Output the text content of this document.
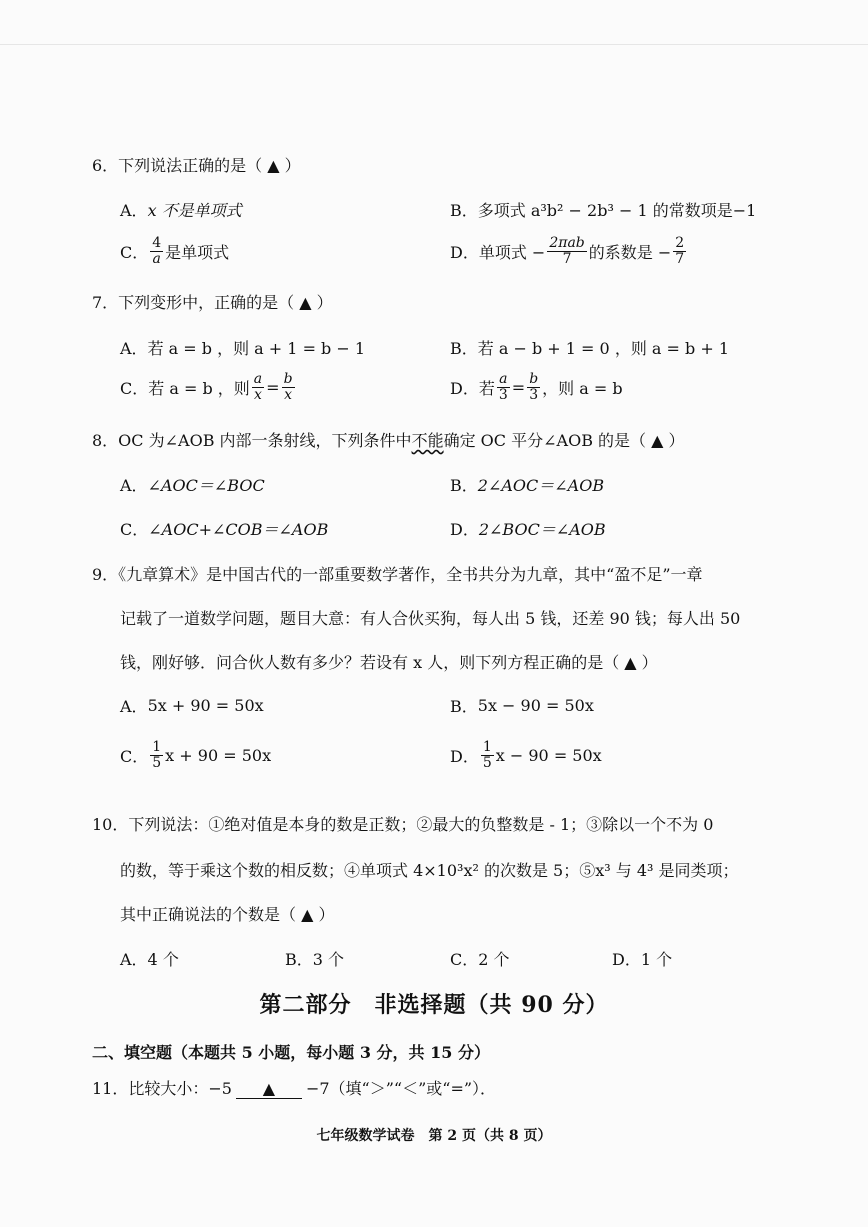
6．下列说法正确的是（ ▲ ）
A． x 不是单项式	B． 多项式 a³b² − 2b³ − 1 的常数项是−1
C． $\frac{4}{a}$ 是单项式	D． 单项式 − $\frac{\text{2πab}}{7}$ 的系数是 − $\frac{2}{7}$
7．下列变形中，正确的是（ ▲ ）
A． 若 a = b ，则 a + 1 = b − 1	B． 若 a − b + 1 = 0 ，则 a = b + 1
C． 若 a = b ，则 $\frac{a}{x} = \frac{b}{x}$	D． 若 $\frac{a}{3} = \frac{b}{3}$ ，则 a = b
8．OC 为∠AOB 内部一条射线，下列条件中不能确定 OC 平分∠AOB 的是（ ▲ ）
A． ∠AOC＝∠BOC	B． 2∠AOC＝∠AOB
C． ∠AOC+∠COB＝∠AOB	D． 2∠BOC＝∠AOB
9．《九章算术》是中国古代的一部重要数学著作，全书共分为九章，其中“盈不足”一章
记载了一道数学问题，题目大意：有人合伙买狗，每人出 5 钱，还差 90 钱；每人出 50
钱，刚好够．问合伙人数有多少？若设有 x 人，则下列方程正确的是（ ▲ ）
A． 5x + 90 = 50x	B． 5x − 90 = 50x
C． $\frac{1}{5}$ x + 90 = 50x	D． $\frac{1}{5}$ x − 90 = 50x
10．下列说法：①绝对值是本身的数是正数；②最大的负整数是 - 1；③除以一个不为 0
的数，等于乘这个数的相反数；④单项式 4×10³x² 的次数是 5；⑤x³ 与 4³ 是同类项；
其中正确说法的个数是（ ▲ ）
A．4 个	B．3 个	C．2 个	D．1 个
第二部分　非选择题（共 90 分）
二、填空题（本题共 5 小题，每小题 3 分，共 15 分）
11．比较大小：−5 ▲ −7（填“＞”“＜”或“=”）．
七年级数学试卷　第 2 页（共 8 页）
